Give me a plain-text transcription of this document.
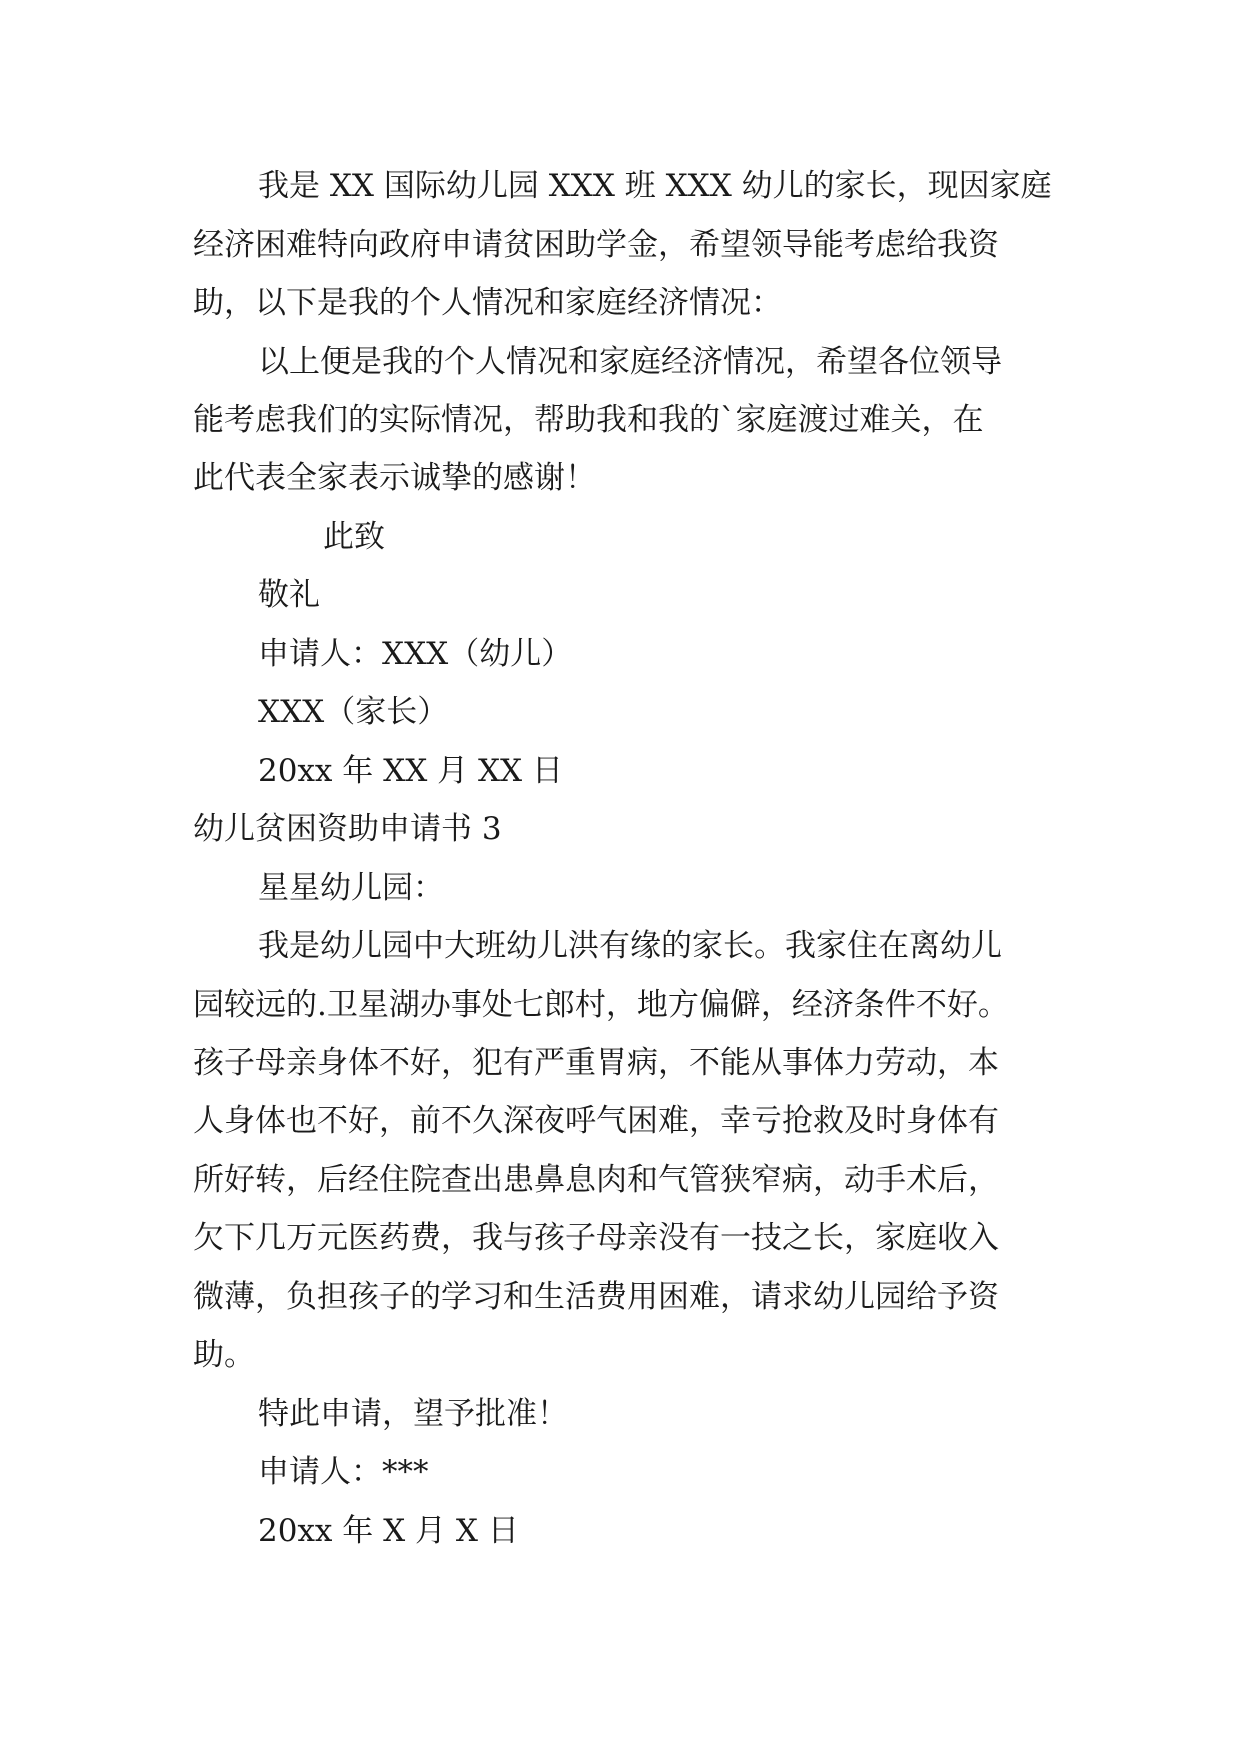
我是 XX 国际幼儿园 XXX 班 XXX 幼儿的家长，现因家庭
经济困难特向政府申请贫困助学金，希望领导能考虑给我资
助，以下是我的个人情况和家庭经济情况：
以上便是我的个人情况和家庭经济情况，希望各位领导
能考虑我们的实际情况，帮助我和我的`家庭渡过难关，在
此代表全家表示诚挚的感谢！
此致
敬礼
申请人：XXX（幼儿）
XXX（家长）
20xx 年 XX 月 XX 日
幼儿贫困资助申请书 3
星星幼儿园：
我是幼儿园中大班幼儿洪有缘的家长。我家住在离幼儿
园较远的.卫星湖办事处七郎村，地方偏僻，经济条件不好。
孩子母亲身体不好，犯有严重胃病，不能从事体力劳动，本
人身体也不好，前不久深夜呼气困难，幸亏抢救及时身体有
所好转，后经住院查出患鼻息肉和气管狭窄病，动手术后，
欠下几万元医药费，我与孩子母亲没有一技之长，家庭收入
微薄，负担孩子的学习和生活费用困难，请求幼儿园给予资
助。
特此申请，望予批准！
申请人：***
20xx 年 X 月 X 日
